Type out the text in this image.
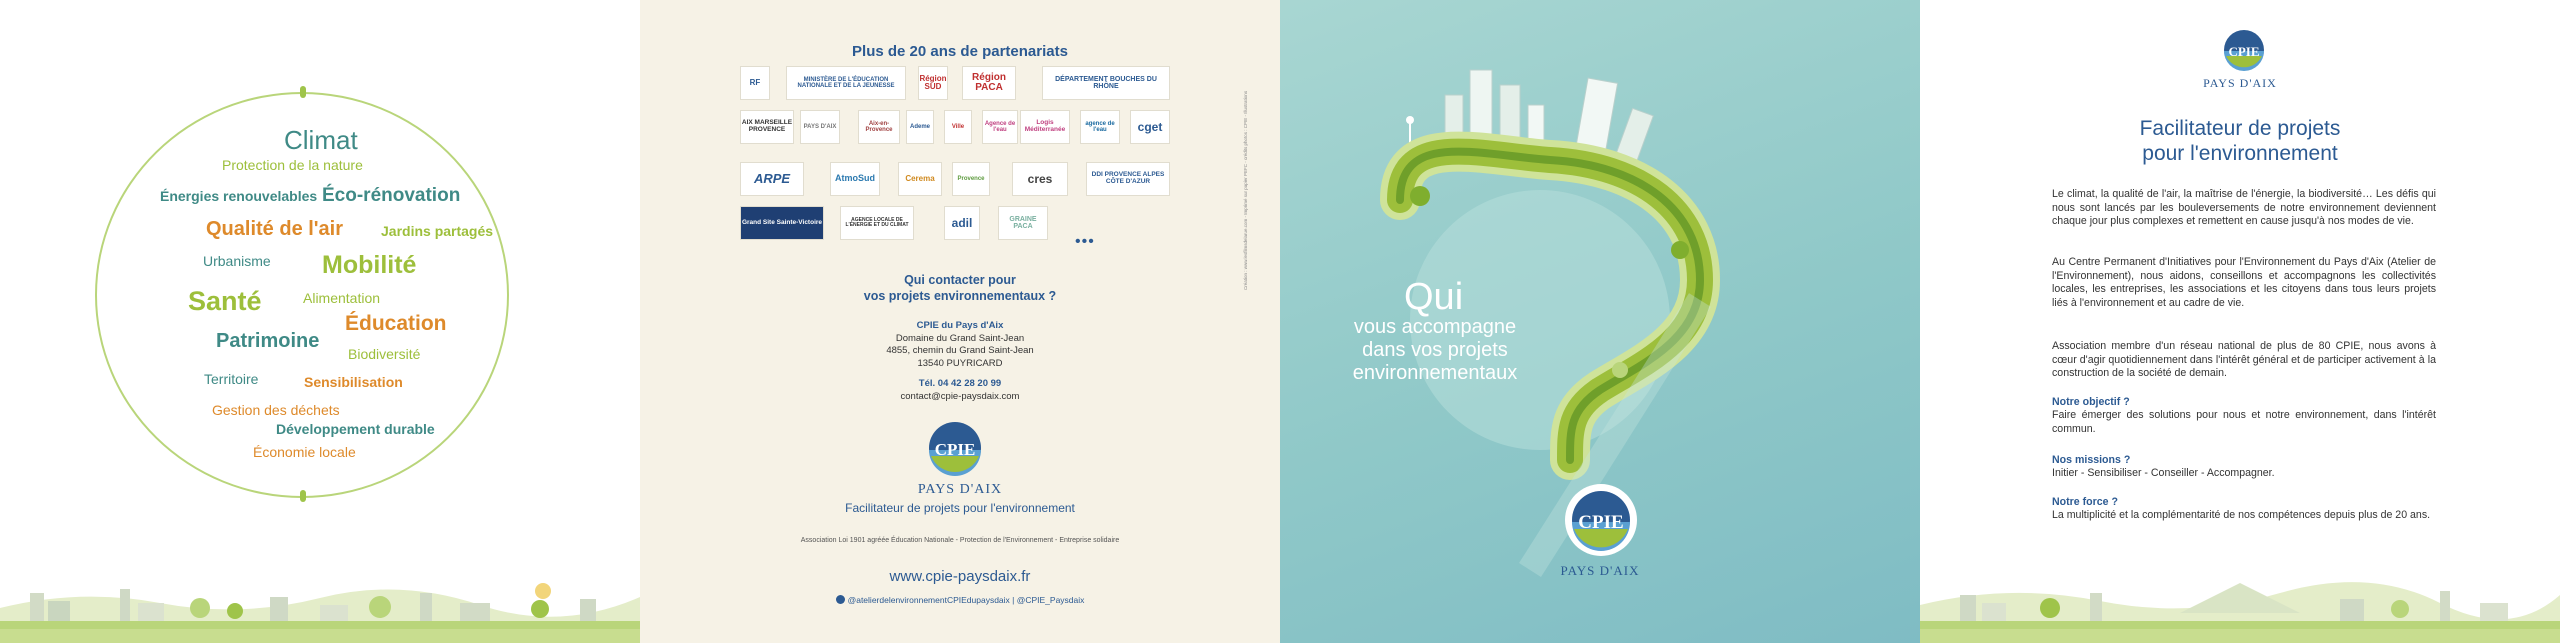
Climat
Protection de la nature
Énergies renouvelables Éco-rénovation
Qualité de l'air	Jardins partagés
Urbanisme Mobilité
Santé	Alimentation
Éducation
Patrimoine
Biodiversité
Territoire	Sensibilisation
Gestion des déchets
Développement durable
Économie locale
Plus de 20 ans de partenariats
RF	MINISTÈRE DE L'ÉDUCATION NATIONALE ET DE LA JEUNESSE
Région SUD
Région PACA
DÉPARTEMENT BOUCHES DU RHÔNE
AIX MARSEILLE PROVENCE	PAYS D'AIX
Aix-en-Provence
Ademe	Ville
Agence de l'eau
Logis Méditerranée
agence de l'eau	cget
ARPE	AtmoSud	Cerema	Provence	cres	DDI PROVENCE ALPES CÔTE D'AZUR
Grand Site Sainte-Victoire	AGENCE LOCALE DE L'ÉNERGIE ET DU CLIMAT	adil	GRAINE PACA
•••
Qui contacter pour
vos projets environnementaux ?
CPIE du Pays d'Aix
Domaine du Grand Saint-Jean
4855, chemin du Grand Saint-Jean
13540 PUYRICARD
Tél. 04 42 28 20 99
contact@cpie-paysdaix.com
CPIE
PAYS D'AIX
Facilitateur de projets pour l'environnement
Association Loi 1901 agréée Éducation Nationale - Protection de l'Environnement - Entreprise solidaire
www.cpie-paysdaix.fr
@atelierdelenvironnementCPIEdupaysdaix | @CPIE_Paysdaix
Création : www.lesfilmsdelarue.com - Imprimé sur papier PEFC - crédits photos : CPIE - Illustrations
Qui
vous accompagne
dans vos projets
environnementaux
CPIE
PAYS D'AIX
CPIE
PAYS D'AIX
Facilitateur de projets
pour l'environnement
Le climat, la qualité de l'air, la maîtrise de l'énergie, la biodiversité… Les défis qui nous sont lancés par les bouleversements de notre environnement deviennent chaque jour plus complexes et remettent en cause jusqu'à nos modes de vie.
Au Centre Permanent d'Initiatives pour l'Environnement du Pays d'Aix (Atelier de l'Environnement), nous aidons, conseillons et accompagnons les collectivités locales, les entreprises, les associations et les citoyens dans tous leurs projets liés à l'environnement et au cadre de vie.
Association membre d'un réseau national de plus de 80 CPIE, nous avons à cœur d'agir quotidiennement dans l'intérêt général et de participer activement à la construction de la société de demain.
Notre objectif ?
Faire émerger des solutions pour nous et notre environnement, dans l'intérêt commun.
Nos missions ?
Initier - Sensibiliser - Conseiller - Accompagner.
Notre force ?
La multiplicité et la complémentarité de nos compétences depuis plus de 20 ans.
